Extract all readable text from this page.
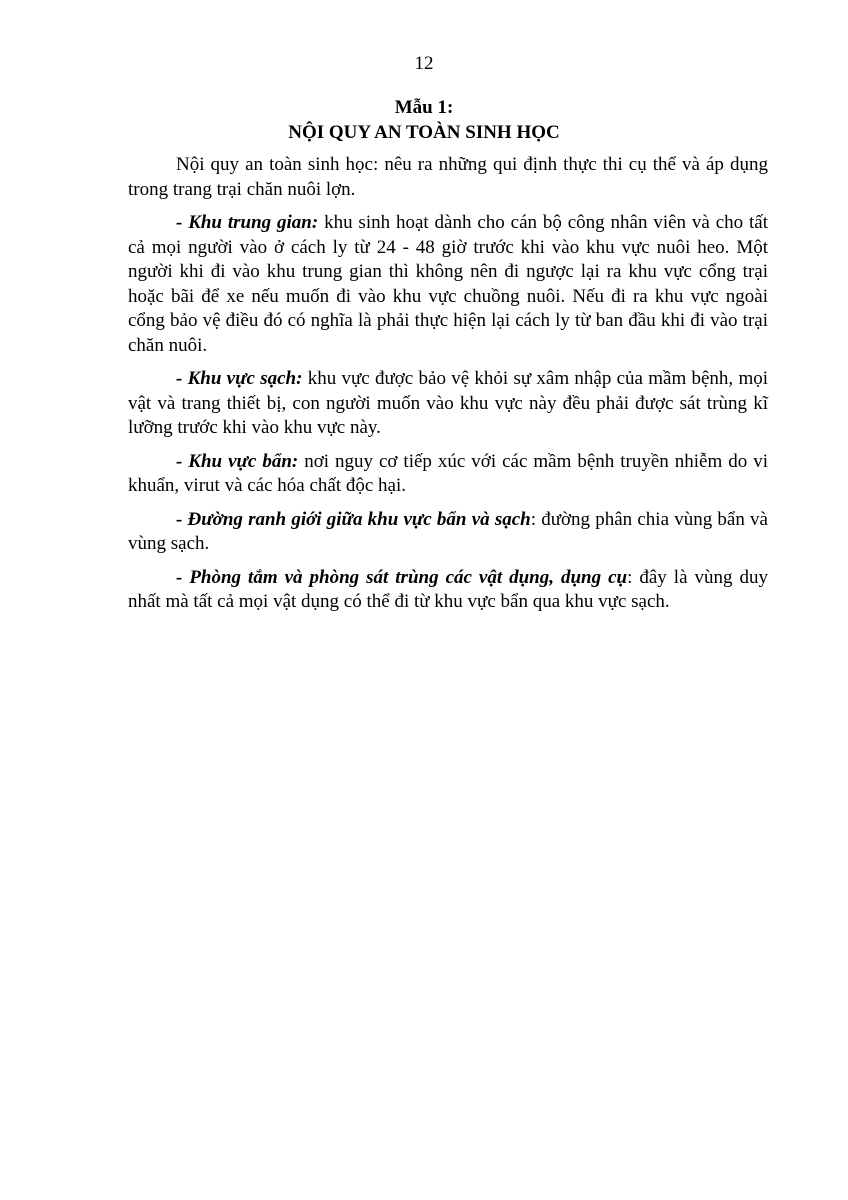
12
Mẫu 1:
NỘI QUY AN TOÀN SINH HỌC

Nội quy an toàn sinh học: nêu ra những qui định thực thi cụ thể và áp dụng trong trang trại chăn nuôi lợn.

- Khu trung gian: khu sinh hoạt dành cho cán bộ công nhân viên và cho tất cả mọi người vào ở cách ly từ 24 - 48 giờ trước khi vào khu vực nuôi heo. Một người khi đi vào khu trung gian thì không nên đi ngược lại ra khu vực cổng trại hoặc bãi để xe nếu muốn đi vào khu vực chuồng nuôi. Nếu đi ra khu vực ngoài cổng bảo vệ điều đó có nghĩa là phải thực hiện lại cách ly từ ban đầu khi đi vào trại chăn nuôi.

- Khu vực sạch: khu vực được bảo vệ khỏi sự xâm nhập của mầm bệnh, mọi vật và trang thiết bị, con người muốn vào khu vực này đều phải được sát trùng kĩ lưỡng trước khi vào khu vực này.

- Khu vực bẩn: nơi nguy cơ tiếp xúc với các mầm bệnh truyền nhiễm do vi khuẩn, virut và các hóa chất độc hại.

- Đường ranh giới giữa khu vực bẩn và sạch: đường phân chia vùng bẩn và vùng sạch.

- Phòng tắm và phòng sát trùng các vật dụng, dụng cụ: đây là vùng duy nhất mà tất cả mọi vật dụng có thể đi từ khu vực bẩn qua khu vực sạch.
